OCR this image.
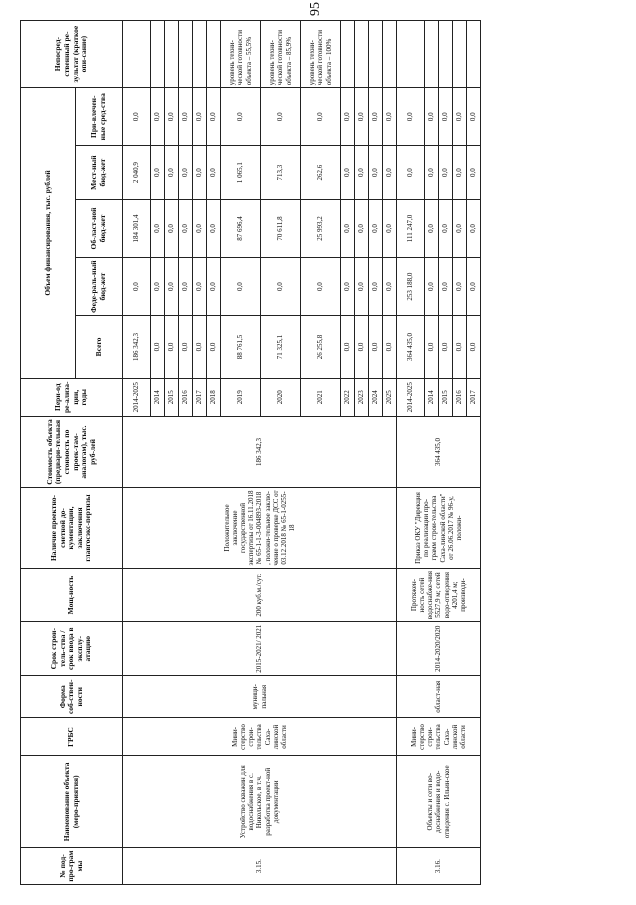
95
№ под-про-грам мы	Наименование объекта (меро-приятия)	ГРБС	Форма соб-ствен-ности	Срок строи-тель-ства / срок ввода в эксплу-атацию	Мощ-ность	Наличие проектно-сметной до-кументации, заключения главгосэкс-пертизы	Стоимость объекта (предвари-тельная стоимость по проек-там-аналогам), тыс. руб-лей	Пери-од ре-ализа-ции, годы	Объем финансирования, тыс. рублей					Непосред-ственный ре-зультат (краткое опи-сание)
									Всего	Феде-раль-ный бюд-жет	Об-ласт-ной бюд-жет	Мест-ный бюд-жет	При-влечен-ные сред-ства	
3.15.	Устройство скважин для водоснабжения в с. Никольское, в т.ч. разработка проект-ной документации	Мини-стерство строи-тельства Саха-линской области	муници-пальная	2015-2021/ 2021	200 куб.м./сут.	Положительное заключение государственной экспертизы от 16.11.2018 № 65-1-1-3-004893-2018 , положи-тельное заклю-чение о проверке ДСС от 03.12.2018 № 65-1-0255-18	186 342,3	2014-2025	186 342,3	0,0	184 301,4	2 040,9	0,0	
								2014	0,0	0,0	0,0	0,0	0,0	
								2015	0,0	0,0	0,0	0,0	0,0	
								2016	0,0	0,0	0,0	0,0	0,0	
								2017	0,0	0,0	0,0	0,0	0,0	
								2018	0,0	0,0	0,0	0,0	0,0	
								2019	88 761,5	0,0	87 696,4	1 065,1	0,0	уровень техни-ческой готовности объекта – 55,5%
								2020	71 325,1	0,0	70 611,8	713,3	0,0	уровень техни-ческой готовности объекта – 85,9%
								2021	26 255,8	0,0	25 993,2	262,6	0,0	уровень техни-ческой готовности объекта – 100%
								2022	0,0	0,0	0,0	0,0	0,0	
								2023	0,0	0,0	0,0	0,0	0,0	
								2024	0,0	0,0	0,0	0,0	0,0	
								2025	0,0	0,0	0,0	0,0	0,0	
3.16.	Объекты и сети во-доснабжения и водо-отведения с. Ильин-ское	Мини-стерство строи-тельства Саха-линской области	област-ная	2014-2020/2020	Протяжен-ность сетей водоснабже-ния 5527,9 м; сетей водо-отведения 4201,4 м; производи-	Приказ ОКУ "Дирекция по реализации про-грамм строи-тельства Саха-линской области" от 26.06.2017 № 96-у, положи-	364 435,0	2014-2025	364 435,0	253 188,0	111 247,0	0,0	0,0	
								2014	0,0	0,0	0,0	0,0	0,0	
								2015	0,0	0,0	0,0	0,0	0,0	
								2016	0,0	0,0	0,0	0,0	0,0	
								2017	0,0	0,0	0,0	0,0	0,0	
